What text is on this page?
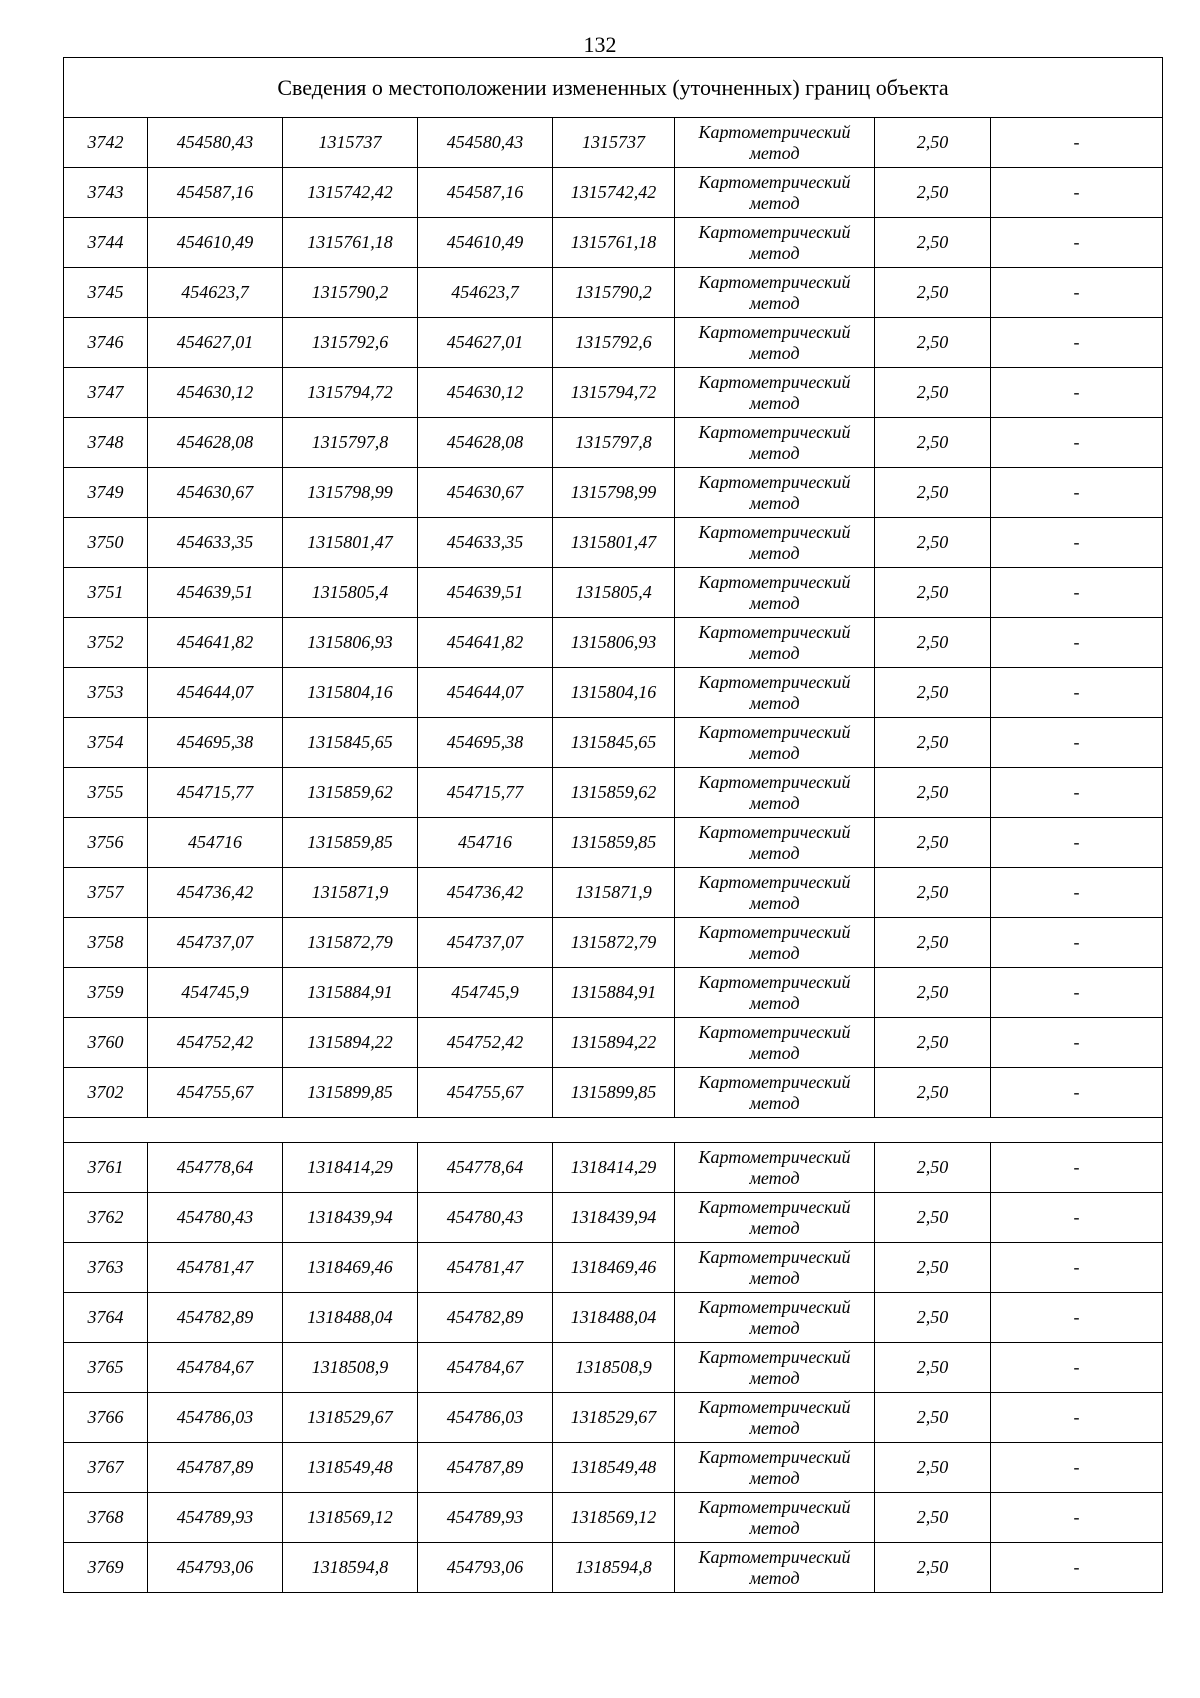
132
Сведения о местоположении измененных (уточненных) границ объекта							
3742	454580,43	1315737	454580,43	1315737	Картометрический
метод	2,50	-
3743	454587,16	1315742,42	454587,16	1315742,42	Картометрический
метод	2,50	-
3744	454610,49	1315761,18	454610,49	1315761,18	Картометрический
метод	2,50	-
3745	454623,7	1315790,2	454623,7	1315790,2	Картометрический
метод	2,50	-
3746	454627,01	1315792,6	454627,01	1315792,6	Картометрический
метод	2,50	-
3747	454630,12	1315794,72	454630,12	1315794,72	Картометрический
метод	2,50	-
3748	454628,08	1315797,8	454628,08	1315797,8	Картометрический
метод	2,50	-
3749	454630,67	1315798,99	454630,67	1315798,99	Картометрический
метод	2,50	-
3750	454633,35	1315801,47	454633,35	1315801,47	Картометрический
метод	2,50	-
3751	454639,51	1315805,4	454639,51	1315805,4	Картометрический
метод	2,50	-
3752	454641,82	1315806,93	454641,82	1315806,93	Картометрический
метод	2,50	-
3753	454644,07	1315804,16	454644,07	1315804,16	Картометрический
метод	2,50	-
3754	454695,38	1315845,65	454695,38	1315845,65	Картометрический
метод	2,50	-
3755	454715,77	1315859,62	454715,77	1315859,62	Картометрический
метод	2,50	-
3756	454716	1315859,85	454716	1315859,85	Картометрический
метод	2,50	-
3757	454736,42	1315871,9	454736,42	1315871,9	Картометрический
метод	2,50	-
3758	454737,07	1315872,79	454737,07	1315872,79	Картометрический
метод	2,50	-
3759	454745,9	1315884,91	454745,9	1315884,91	Картометрический
метод	2,50	-
3760	454752,42	1315894,22	454752,42	1315894,22	Картометрический
метод	2,50	-
3702	454755,67	1315899,85	454755,67	1315899,85	Картометрический
метод	2,50	-

3761	454778,64	1318414,29	454778,64	1318414,29	Картометрический
метод	2,50	-
3762	454780,43	1318439,94	454780,43	1318439,94	Картометрический
метод	2,50	-
3763	454781,47	1318469,46	454781,47	1318469,46	Картометрический
метод	2,50	-
3764	454782,89	1318488,04	454782,89	1318488,04	Картометрический
метод	2,50	-
3765	454784,67	1318508,9	454784,67	1318508,9	Картометрический
метод	2,50	-
3766	454786,03	1318529,67	454786,03	1318529,67	Картометрический
метод	2,50	-
3767	454787,89	1318549,48	454787,89	1318549,48	Картометрический
метод	2,50	-
3768	454789,93	1318569,12	454789,93	1318569,12	Картометрический
метод	2,50	-
3769	454793,06	1318594,8	454793,06	1318594,8	Картометрический
метод	2,50	-
